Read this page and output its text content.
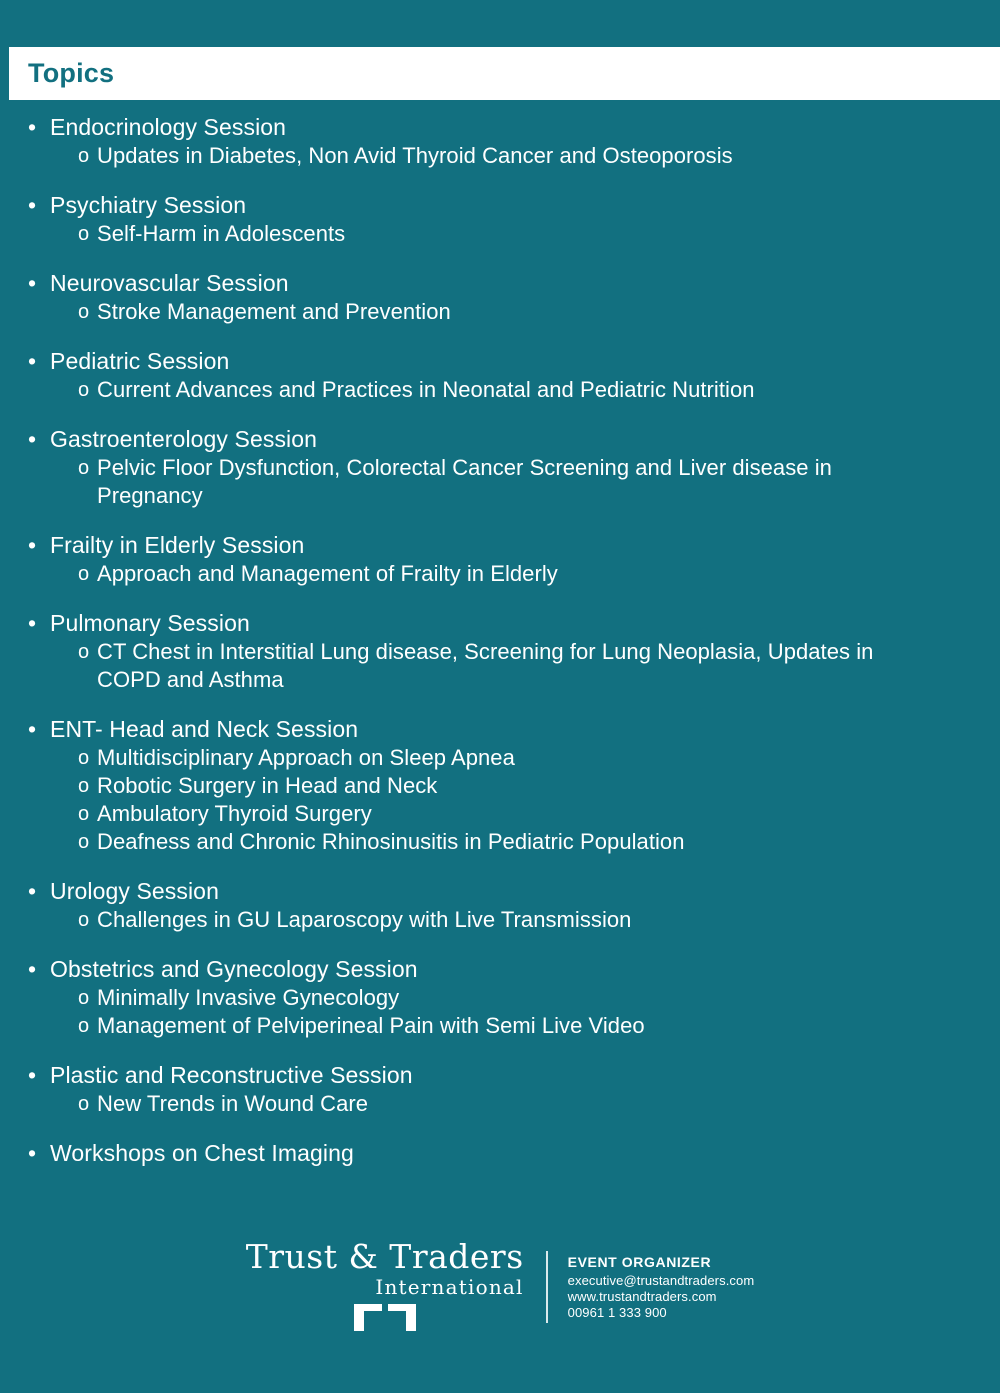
Topics
• Endocrinology Session
o Updates in Diabetes, Non Avid Thyroid Cancer and Osteoporosis
• Psychiatry Session
o Self-Harm in Adolescents
• Neurovascular Session
o Stroke Management and Prevention
• Pediatric Session
o Current Advances and Practices in Neonatal and Pediatric Nutrition
• Gastroenterology Session
o Pelvic Floor Dysfunction, Colorectal Cancer Screening and Liver disease in Pregnancy
• Frailty in Elderly Session
o Approach and Management of Frailty in Elderly
• Pulmonary Session
o CT Chest in Interstitial Lung disease, Screening for Lung Neoplasia, Updates in COPD and Asthma
• ENT- Head and Neck Session
o Multidisciplinary Approach on Sleep Apnea
o Robotic Surgery in Head and Neck
o Ambulatory Thyroid Surgery
o Deafness and Chronic Rhinosinusitis in Pediatric Population
• Urology Session
o Challenges in GU Laparoscopy with Live Transmission
• Obstetrics and Gynecology Session
o Minimally Invasive Gynecology
o Management of Pelviperineal Pain with Semi Live Video
• Plastic and Reconstructive Session
o New Trends in Wound Care
• Workshops on Chest Imaging
Trust & Traders
International
EVENT ORGANIZER
executive@trustandtraders.com
www.trustandtraders.com
00961 1 333 900
